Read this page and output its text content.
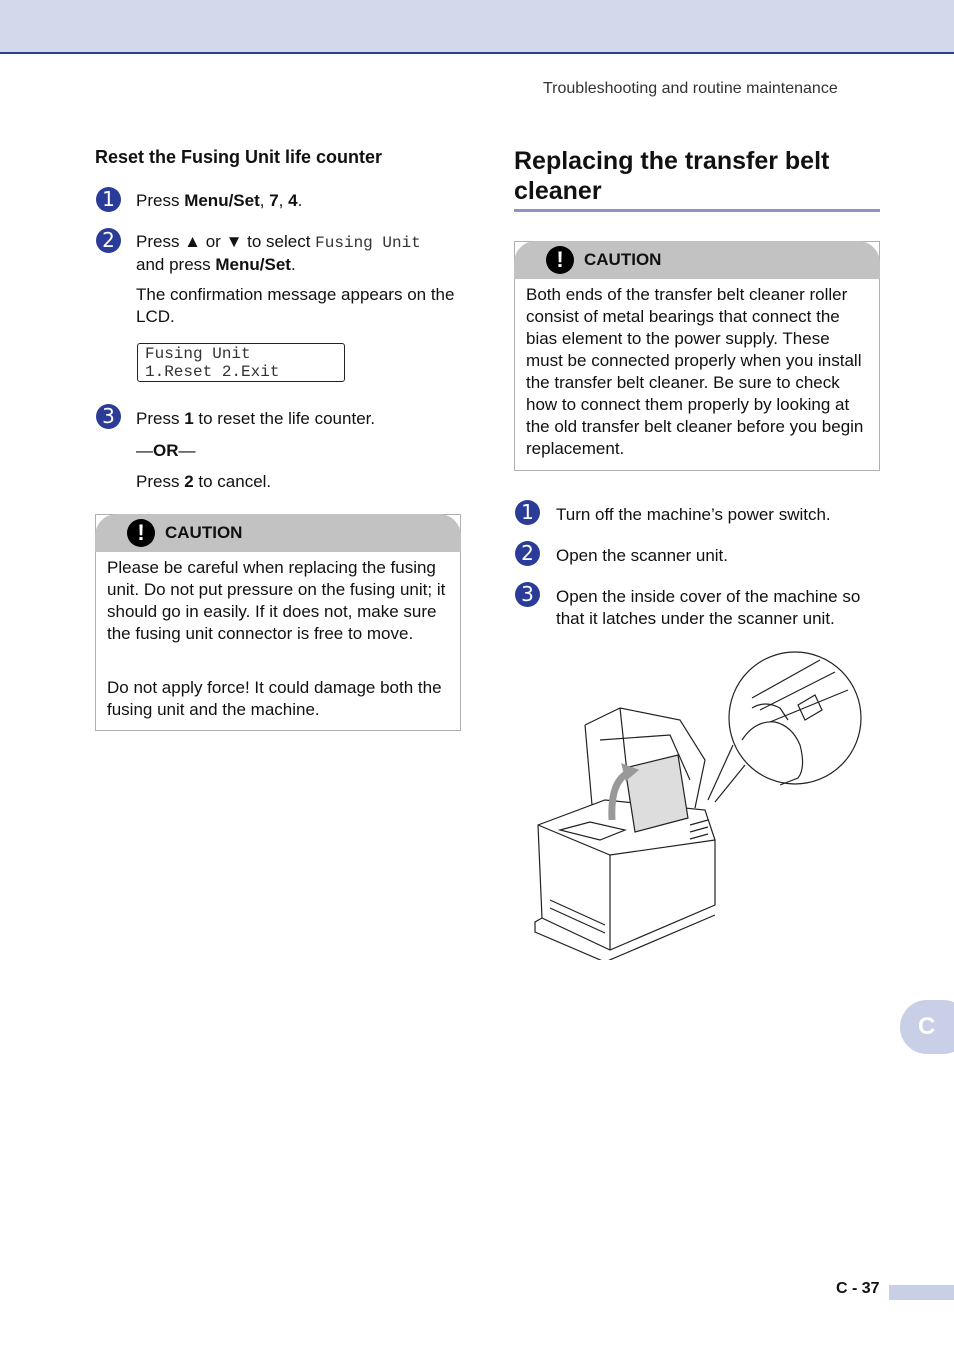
Troubleshooting and routine maintenance
Reset the Fusing Unit life counter
1	Press Menu/Set, 7, 4.
2	Press ▲ or ▼ to select Fusing Unit
and press Menu/Set.
The confirmation message appears on the LCD.
Fusing Unit
1.Reset 2.Exit
3	Press 1 to reset the life counter.
—OR—
Press 2 to cancel.
!	CAUTION
Please be careful when replacing the fusing unit. Do not put pressure on the fusing unit; it should go in easily. If it does not, make sure the fusing unit connector is free to move.
Do not apply force! It could damage both the fusing unit and the machine.
Replacing the transfer belt cleaner
!	CAUTION
Both ends of the transfer belt cleaner roller consist of metal bearings that connect the bias element to the power supply. These must be connected properly when you install the transfer belt cleaner. Be sure to check how to connect them properly by looking at the old transfer belt cleaner before you begin replacement.
1	Turn off the machine’s power switch.
2	Open the scanner unit.
3	Open the inside cover of the machine so that it latches under the scanner unit.
C
C - 37
